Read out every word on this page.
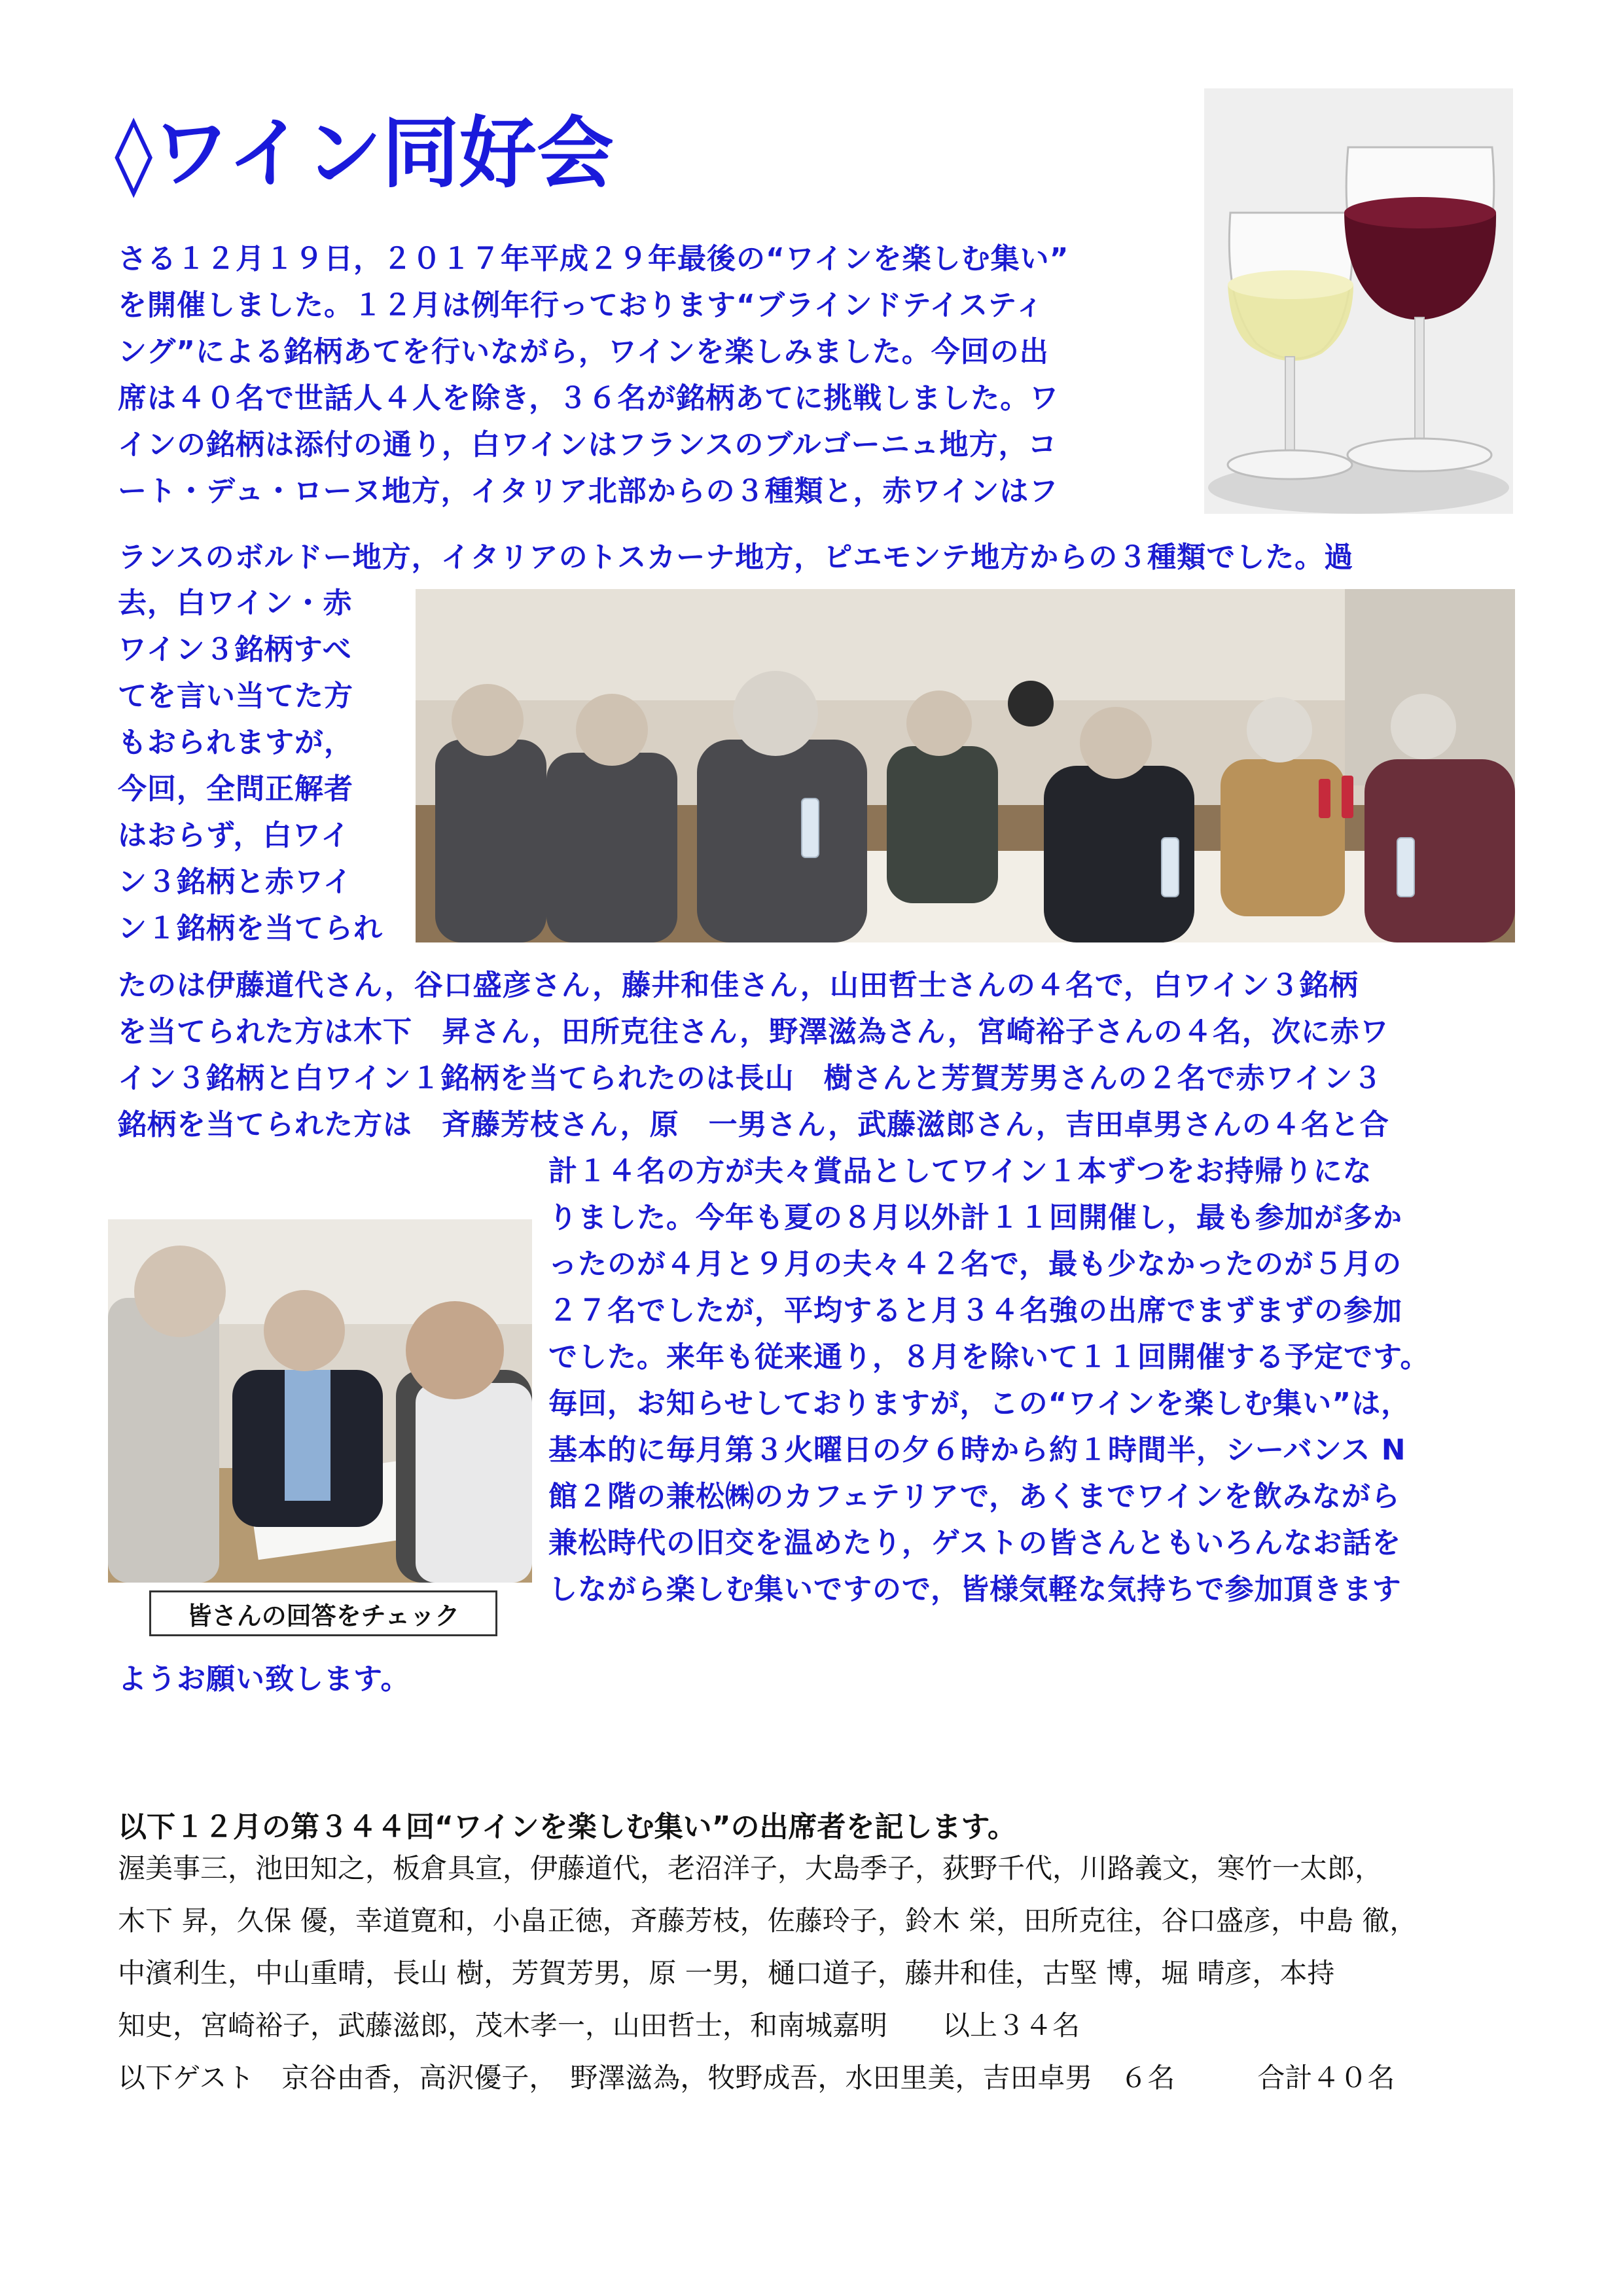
◊ワイン同好会
さる１２月１９日，２０１７年平成２９年最後の“ワインを楽しむ集い”
を開催しました。１２月は例年行っております“ブラインドテイスティ
ング”による銘柄あてを行いながら，ワインを楽しみました。今回の出
席は４０名で世話人４人を除き，３６名が銘柄あてに挑戦しました。ワ
インの銘柄は添付の通り，白ワインはフランスのブルゴーニュ地方，コ
ート・デュ・ローヌ地方，イタリア北部からの３種類と，赤ワインはフ
ランスのボルドー地方，イタリアのトスカーナ地方，ピエモンテ地方からの３種類でした。過
去，白ワイン・赤
ワイン３銘柄すべ
てを言い当てた方
もおられますが，
今回，全問正解者
はおらず，白ワイ
ン３銘柄と赤ワイ
ン１銘柄を当てられ
たのは伊藤道代さん，谷口盛彦さん，藤井和佳さん，山田哲士さんの４名で，白ワイン３銘柄
を当てられた方は木下　昇さん，田所克往さん，野澤滋為さん，宮崎裕子さんの４名，次に赤ワ
イン３銘柄と白ワイン１銘柄を当てられたのは長山　樹さんと芳賀芳男さんの２名で赤ワイン３
銘柄を当てられた方は　斉藤芳枝さん，原　一男さん，武藤滋郎さん，吉田卓男さんの４名と合
皆さんの回答をチェック
計１４名の方が夫々賞品としてワイン１本ずつをお持帰りにな
りました。今年も夏の８月以外計１１回開催し，最も参加が多か
ったのが４月と９月の夫々４２名で，最も少なかったのが５月の
２７名でしたが，平均すると月３４名強の出席でまずまずの参加
でした。来年も従来通り，８月を除いて１１回開催する予定です。
毎回，お知らせしておりますが，この“ワインを楽しむ集い”は，
基本的に毎月第３火曜日の夕６時から約１時間半，シーバンス N
館２階の兼松㈱のカフェテリアで，あくまでワインを飲みながら
兼松時代の旧交を温めたり，ゲストの皆さんともいろんなお話を
しながら楽しむ集いですので，皆様気軽な気持ちで参加頂きます
ようお願い致します。
以下１２月の第３４４回“ワインを楽しむ集い”の出席者を記します。
渥美事三，池田知之，板倉具宣，伊藤道代，老沼洋子，大島季子，荻野千代，川路義文，寒竹一太郎，
木下 昇，久保 優，幸道寛和，小畠正徳，斉藤芳枝，佐藤玲子，鈴木 栄，田所克往，谷口盛彦，中島 徹，
中濱利生，中山重晴，長山 樹，芳賀芳男，原 一男，樋口道子，藤井和佳，古堅 博，堀 晴彦，本持
知史，宮崎裕子，武藤滋郎，茂木孝一，山田哲士，和南城嘉明　　以上３４名
以下ゲスト　京谷由香，高沢優子，　野澤滋為，牧野成吾，水田里美，吉田卓男　６名　　　合計４０名
